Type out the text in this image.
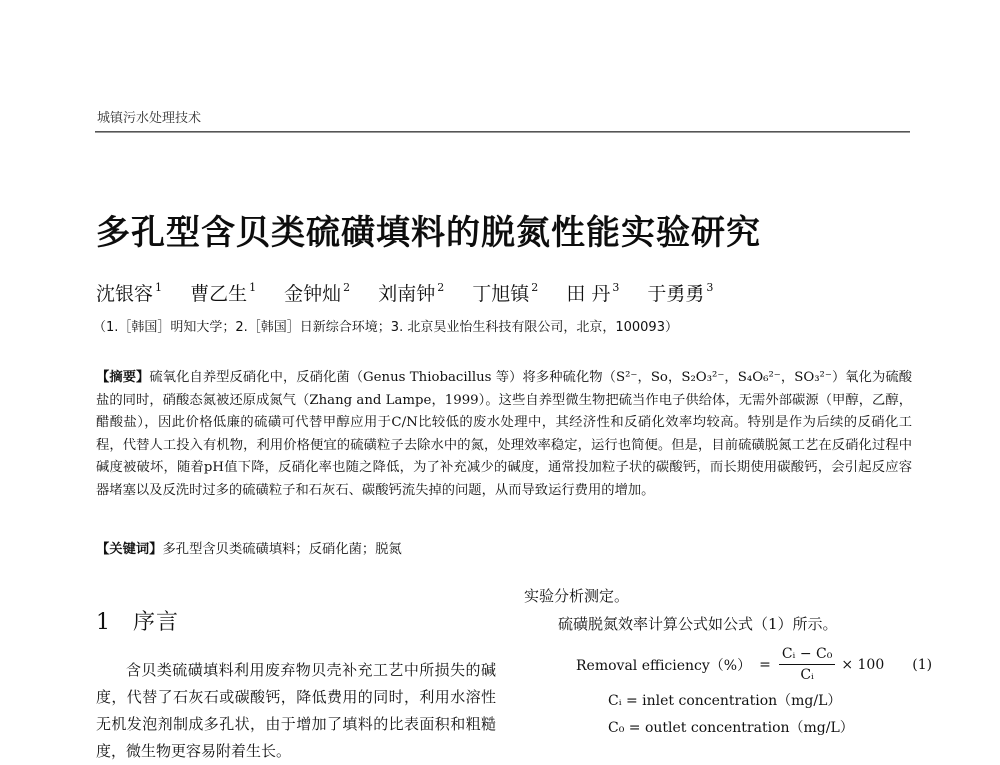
城镇污水处理技术
多孔型含贝类硫磺填料的脱氮性能实验研究
沈银容 $^1$ 曹乙生 $^1$ 金钟灿 $^2$ 刘南钟 $^2$ 丁旭镇 $^2$ 田 丹 $^3$ 于勇勇 $^3$
（1.［韩国］明知大学；2.［韩国］日新综合环境；3. 北京昊业怡生科技有限公司，北京，100093）
【摘要】硫氧化自养型反硝化中，反硝化菌（Genus Thiobacillus 等）将多种硫化物（S²⁻，So，S₂O₃²⁻，S₄O₆²⁻，SO₃²⁻）氧化为硫酸盐的同时，硝酸态氮被还原成氮气（Zhang and Lampe，1999）。这些自养型微生物把硫当作电子供给体，无需外部碳源（甲醇，乙醇，醋酸盐），因此价格低廉的硫磺可代替甲醇应用于C/N比较低的废水处理中，其经济性和反硝化效率均较高。特别是作为后续的反硝化工程，代替人工投入有机物，利用价格便宜的硫磺粒子去除水中的氮，处理效率稳定，运行也简便。但是，目前硫磺脱氮工艺在反硝化过程中碱度被破坏，随着pH值下降，反硝化率也随之降低，为了补充减少的碱度，通常投加粒子状的碳酸钙，而长期使用碳酸钙，会引起反应容器堵塞以及反洗时过多的硫磺粒子和石灰石、碳酸钙流失掉的问题，从而导致运行费用的增加。
【关键词】多孔型含贝类硫磺填料；反硝化菌；脱氮
1 序言

含贝类硫磺填料利用废弃物贝壳补充工艺中所损失的碱度，代替了石灰石或碳酸钙，降低费用的同时，利用水溶性无机发泡剂制成多孔状，由于增加了填料的比表面积和粗糙度，微生物更容易附着生长。

实验分析测定。
硫磺脱氮效率计算公式如公式（1）所示。
Removal efficiency（%） = $\frac{\text{Cᵢ − C₀}}{\text{Cᵢ}} \times 100$ (1)
Cᵢ = inlet concentration（mg/L）
C₀ = outlet concentration（mg/L）
